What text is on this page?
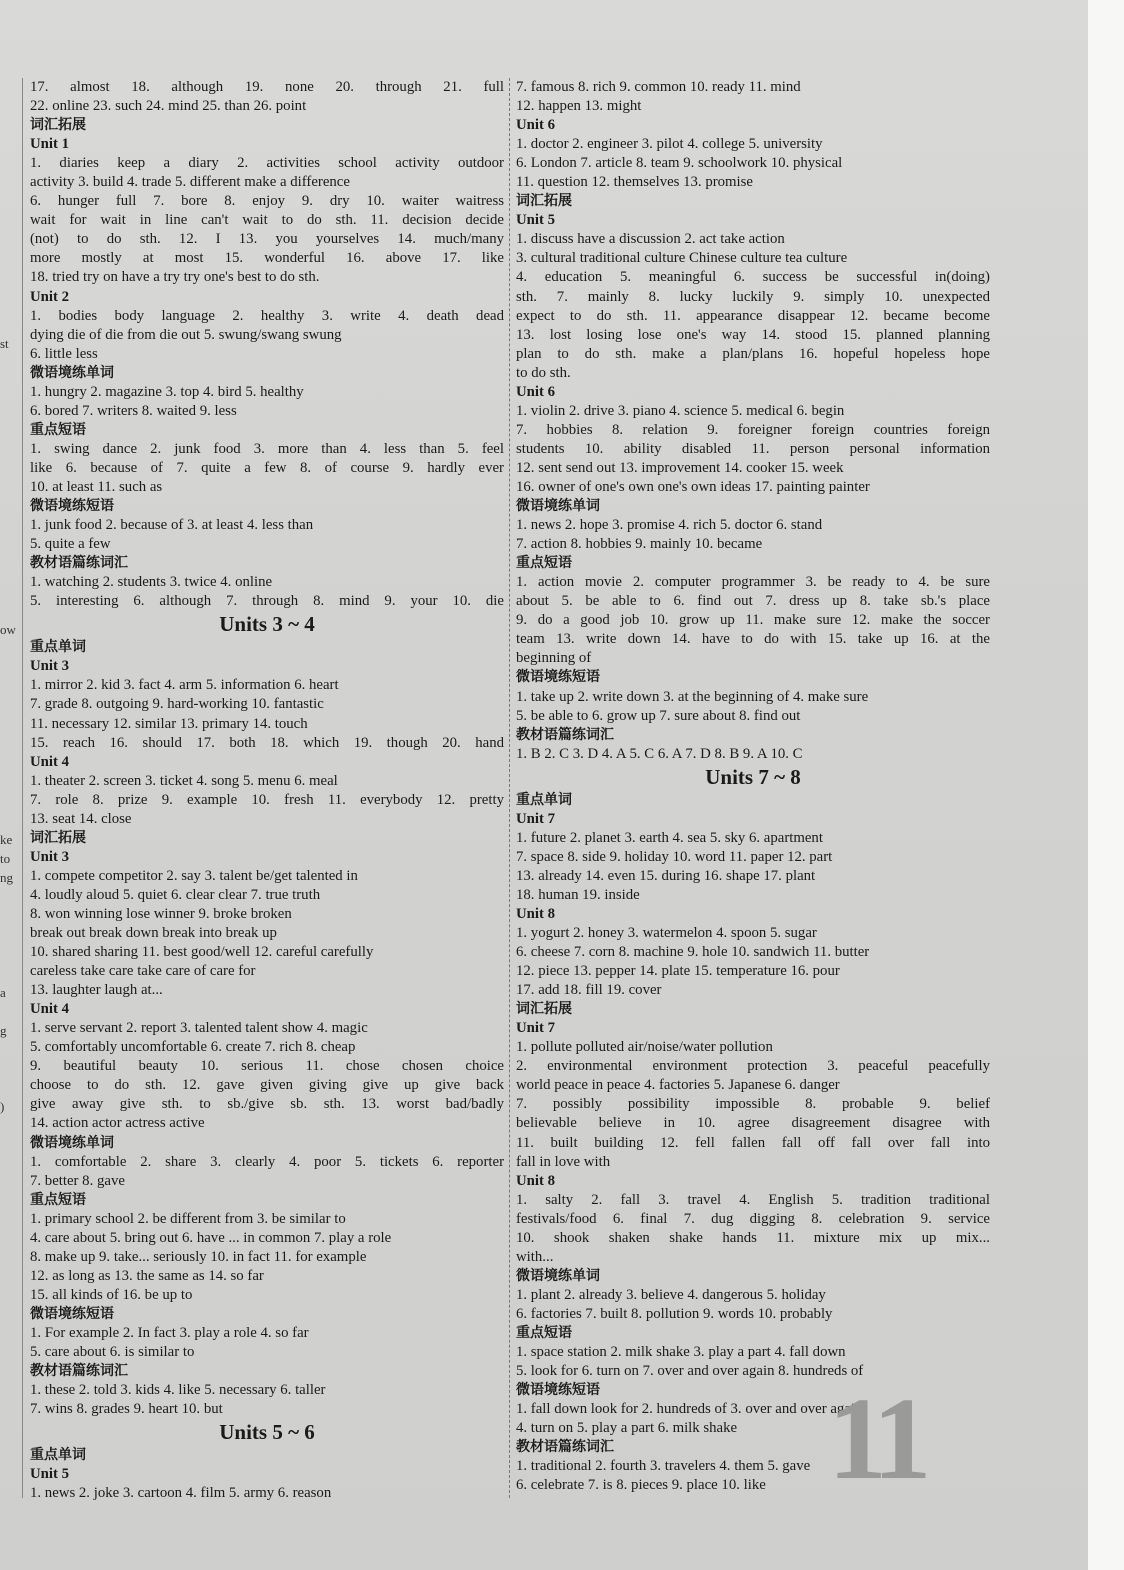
17. almost 18. although 19. none 20. through 21. full
22. online 23. such 24. mind 25. than 26. point
词汇拓展
Unit 1
1. diaries keep a diary 2. activities school activity outdoor
activity 3. build 4. trade 5. different make a difference
6. hunger full 7. bore 8. enjoy 9. dry 10. waiter waitress
wait for wait in line can't wait to do sth. 11. decision decide
(not) to do sth. 12. I 13. you yourselves 14. much/many
more mostly at most 15. wonderful 16. above 17. like
18. tried try on have a try try one's best to do sth.
Unit 2
1. bodies body language 2. healthy 3. write 4. death dead
dying die of die from die out 5. swung/swang swung
6. little less
微语境练单词
1. hungry 2. magazine 3. top 4. bird 5. healthy
6. bored 7. writers 8. waited 9. less
重点短语
1. swing dance 2. junk food 3. more than 4. less than 5. feel
like 6. because of 7. quite a few 8. of course 9. hardly ever
10. at least 11. such as
微语境练短语
1. junk food 2. because of 3. at least 4. less than
5. quite a few
教材语篇练词汇
1. watching 2. students 3. twice 4. online
5. interesting 6. although 7. through 8. mind 9. your 10. die
Units 3 ~ 4
重点单词
Unit 3
1. mirror 2. kid 3. fact 4. arm 5. information 6. heart
7. grade 8. outgoing 9. hard-working 10. fantastic
11. necessary 12. similar 13. primary 14. touch
15. reach 16. should 17. both 18. which 19. though 20. hand
Unit 4
1. theater 2. screen 3. ticket 4. song 5. menu 6. meal
7. role 8. prize 9. example 10. fresh 11. everybody 12. pretty
13. seat 14. close
词汇拓展
Unit 3
1. compete competitor 2. say 3. talent be/get talented in
4. loudly aloud 5. quiet 6. clear clear 7. true truth
8. won winning lose winner 9. broke broken
break out break down break into break up
10. shared sharing 11. best good/well 12. careful carefully
careless take care take care of care for
13. laughter laugh at...
Unit 4
1. serve servant 2. report 3. talented talent show 4. magic
5. comfortably uncomfortable 6. create 7. rich 8. cheap
9. beautiful beauty 10. serious 11. chose chosen choice
choose to do sth. 12. gave given giving give up give back
give away give sth. to sb./give sb. sth. 13. worst bad/badly
14. action actor actress active
微语境练单词
1. comfortable 2. share 3. clearly 4. poor 5. tickets 6. reporter
7. better 8. gave
重点短语
1. primary school 2. be different from 3. be similar to
4. care about 5. bring out 6. have ... in common 7. play a role
8. make up 9. take... seriously 10. in fact 11. for example
12. as long as 13. the same as 14. so far
15. all kinds of 16. be up to
微语境练短语
1. For example 2. In fact 3. play a role 4. so far
5. care about 6. is similar to
教材语篇练词汇
1. these 2. told 3. kids 4. like 5. necessary 6. taller
7. wins 8. grades 9. heart 10. but
Units 5 ~ 6
重点单词
Unit 5
1. news 2. joke 3. cartoon 4. film 5. army 6. reason
7. famous 8. rich 9. common 10. ready 11. mind
12. happen 13. might
Unit 6
1. doctor 2. engineer 3. pilot 4. college 5. university
6. London 7. article 8. team 9. schoolwork 10. physical
11. question 12. themselves 13. promise
词汇拓展
Unit 5
1. discuss have a discussion 2. act take action
3. cultural traditional culture Chinese culture tea culture
4. education 5. meaningful 6. success be successful in(doing)
sth. 7. mainly 8. lucky luckily 9. simply 10. unexpected
expect to do sth. 11. appearance disappear 12. became become
13. lost losing lose one's way 14. stood 15. planned planning
plan to do sth. make a plan/plans 16. hopeful hopeless hope
to do sth.
Unit 6
1. violin 2. drive 3. piano 4. science 5. medical 6. begin
7. hobbies 8. relation 9. foreigner foreign countries foreign
students 10. ability disabled 11. person personal information
12. sent send out 13. improvement 14. cooker 15. week
16. owner of one's own one's own ideas 17. painting painter
微语境练单词
1. news 2. hope 3. promise 4. rich 5. doctor 6. stand
7. action 8. hobbies 9. mainly 10. became
重点短语
1. action movie 2. computer programmer 3. be ready to 4. be sure
about 5. be able to 6. find out 7. dress up 8. take sb.'s place
9. do a good job 10. grow up 11. make sure 12. make the soccer
team 13. write down 14. have to do with 15. take up 16. at the
beginning of
微语境练短语
1. take up 2. write down 3. at the beginning of 4. make sure
5. be able to 6. grow up 7. sure about 8. find out
教材语篇练词汇
1. B 2. C 3. D 4. A 5. C 6. A 7. D 8. B 9. A 10. C
Units 7 ~ 8
重点单词
Unit 7
1. future 2. planet 3. earth 4. sea 5. sky 6. apartment
7. space 8. side 9. holiday 10. word 11. paper 12. part
13. already 14. even 15. during 16. shape 17. plant
18. human 19. inside
Unit 8
1. yogurt 2. honey 3. watermelon 4. spoon 5. sugar
6. cheese 7. corn 8. machine 9. hole 10. sandwich 11. butter
12. piece 13. pepper 14. plate 15. temperature 16. pour
17. add 18. fill 19. cover
词汇拓展
Unit 7
1. pollute polluted air/noise/water pollution
2. environmental environment protection 3. peaceful peacefully
world peace in peace 4. factories 5. Japanese 6. danger
7. possibly possibility impossible 8. probable 9. belief
believable believe in 10. agree disagreement disagree with
11. built building 12. fell fallen fall off fall over fall into
fall in love with
Unit 8
1. salty 2. fall 3. travel 4. English 5. tradition traditional
festivals/food 6. final 7. dug digging 8. celebration 9. service
10. shook shaken shake hands 11. mixture mix up mix...
with...
微语境练单词
1. plant 2. already 3. believe 4. dangerous 5. holiday
6. factories 7. built 8. pollution 9. words 10. probably
重点短语
1. space station 2. milk shake 3. play a part 4. fall down
5. look for 6. turn on 7. over and over again 8. hundreds of
微语境练短语
1. fall down look for 2. hundreds of 3. over and over again
4. turn on 5. play a part 6. milk shake
教材语篇练词汇
1. traditional 2. fourth 3. travelers 4. them 5. gave
6. celebrate 7. is 8. pieces 9. place 10. like 11
st
ow
ke
to
ng
a
g
)
